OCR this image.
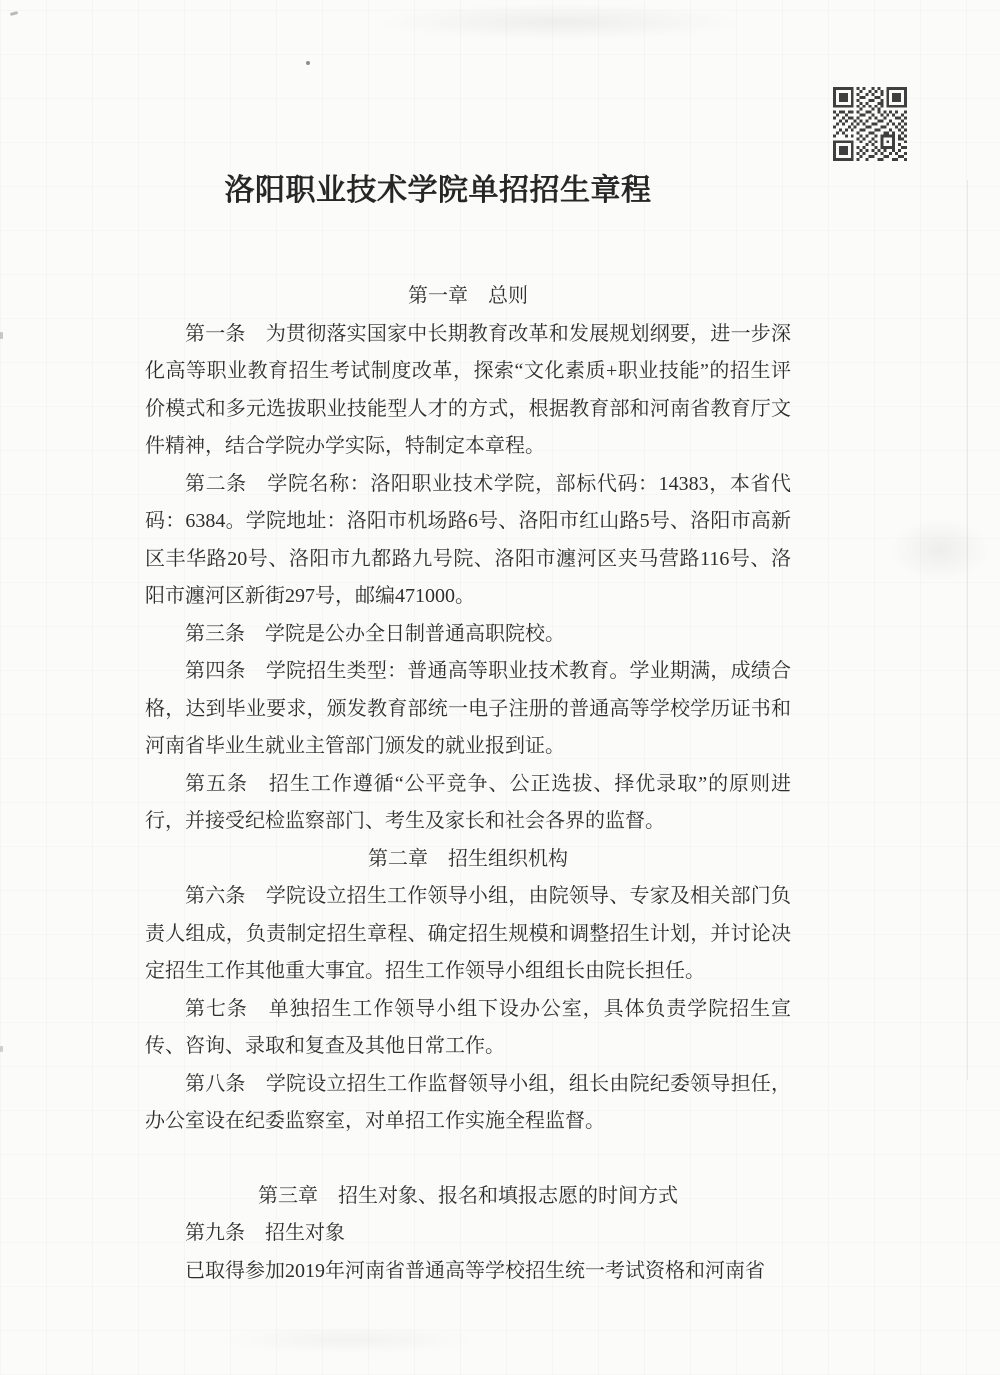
洛阳职业技术学院单招招生章程

第一章　总则

第一条　为贯彻落实国家中长期教育改革和发展规划纲要，进一步深化高等职业教育招生考试制度改革，探索“文化素质+职业技能”的招生评价模式和多元选拔职业技能型人才的方式，根据教育部和河南省教育厅文件精神，结合学院办学实际，特制定本章程。

第二条　学院名称：洛阳职业技术学院，部标代码：14383，本省代码：6384。学院地址：洛阳市机场路6号、洛阳市红山路5号、洛阳市高新区丰华路20号、洛阳市九都路九号院、洛阳市瀍河区夹马营路116号、洛阳市瀍河区新街297号，邮编471000。

第三条　学院是公办全日制普通高职院校。

第四条　学院招生类型：普通高等职业技术教育。学业期满，成绩合格，达到毕业要求，颁发教育部统一电子注册的普通高等学校学历证书和河南省毕业生就业主管部门颁发的就业报到证。

第五条　招生工作遵循“公平竞争、公正选拔、择优录取”的原则进行，并接受纪检监察部门、考生及家长和社会各界的监督。

第二章　招生组织机构

第六条　学院设立招生工作领导小组，由院领导、专家及相关部门负责人组成，负责制定招生章程、确定招生规模和调整招生计划，并讨论决定招生工作其他重大事宜。招生工作领导小组组长由院长担任。

第七条　单独招生工作领导小组下设办公室，具体负责学院招生宣传、咨询、录取和复查及其他日常工作。

第八条　学院设立招生工作监督领导小组，组长由院纪委领导担任，办公室设在纪委监察室，对单招工作实施全程监督。

第三章　招生对象、报名和填报志愿的时间方式

第九条　招生对象

已取得参加2019年河南省普通高等学校招生统一考试资格和河南省
